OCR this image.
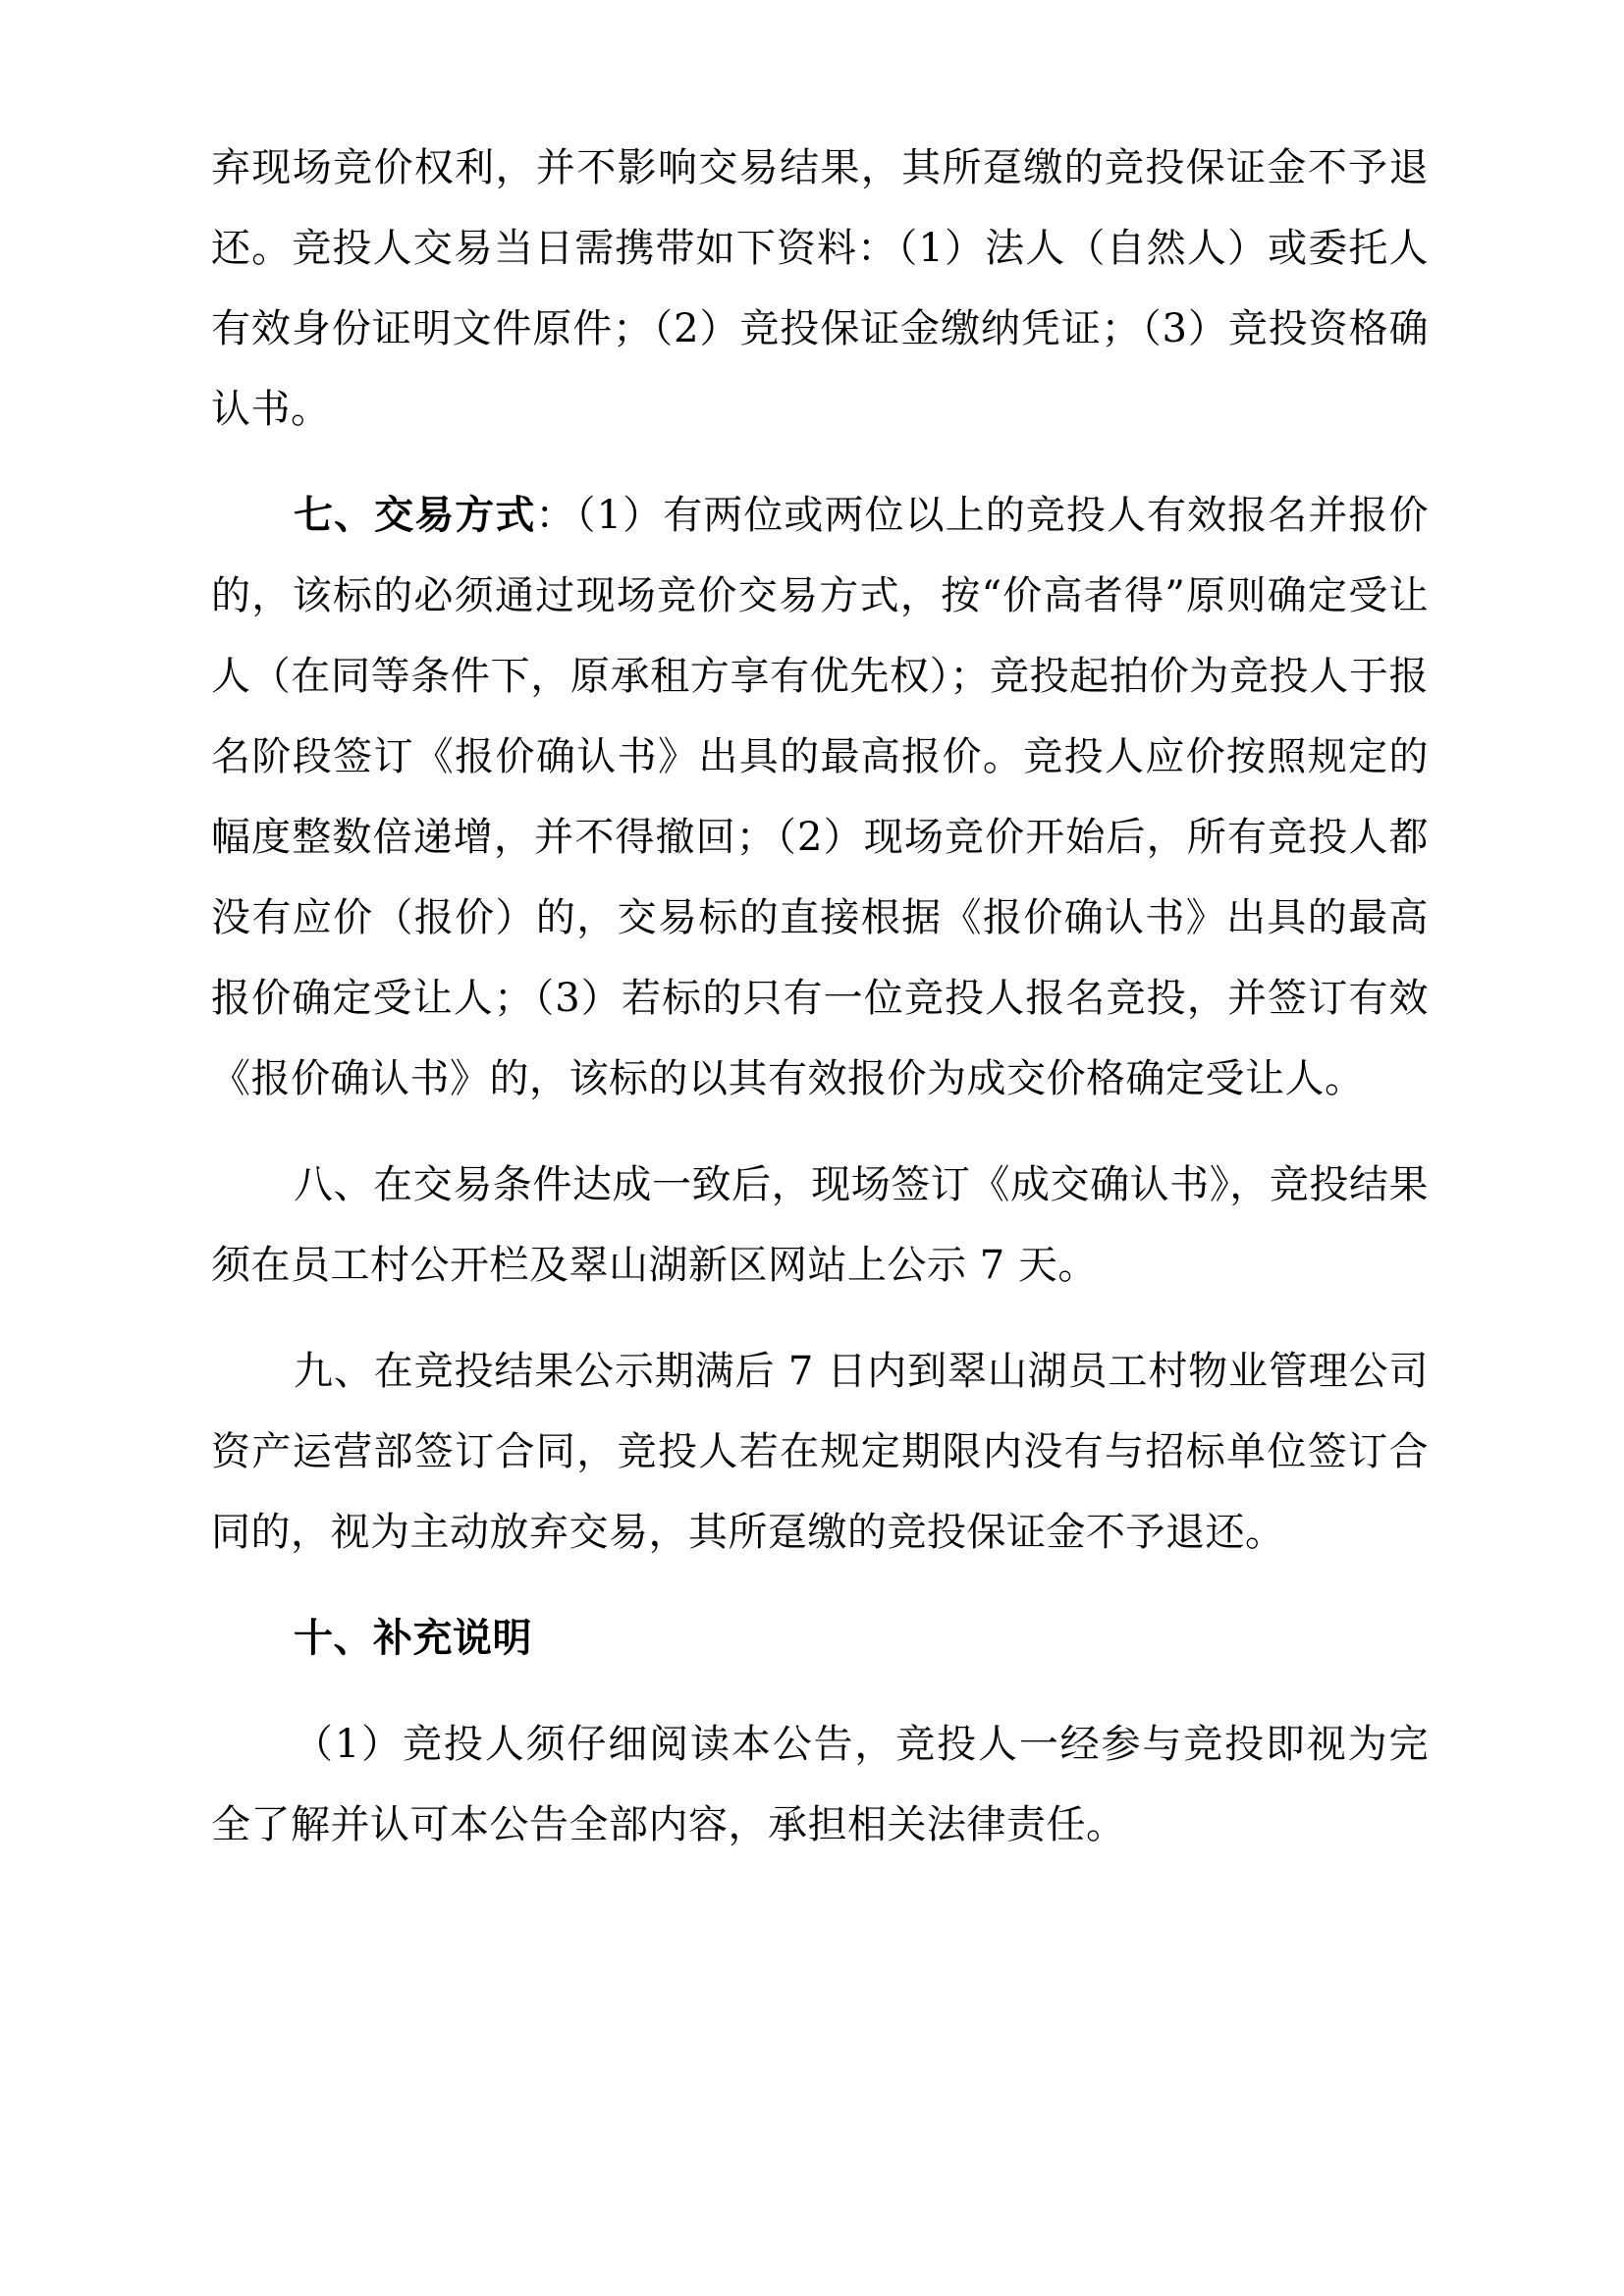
弃现场竞价权利，并不影响交易结果，其所趸缴的竞投保证金不予退还。竞投人交易当日需携带如下资料：（1）法人（自然人）或委托人有效身份证明文件原件；（2）竞投保证金缴纳凭证；（3）竞投资格确认书。

七、交易方式：（1）有两位或两位以上的竞投人有效报名并报价的，该标的必须通过现场竞价交易方式，按“价高者得”原则确定受让人（在同等条件下，原承租方享有优先权）；竞投起拍价为竞投人于报名阶段签订《报价确认书》出具的最高报价。竞投人应价按照规定的幅度整数倍递增，并不得撤回；（2）现场竞价开始后，所有竞投人都没有应价（报价）的，交易标的直接根据《报价确认书》出具的最高报价确定受让人；（3）若标的只有一位竞投人报名竞投，并签订有效《报价确认书》的，该标的以其有效报价为成交价格确定受让人。

八、在交易条件达成一致后，现场签订《成交确认书》，竞投结果须在员工村公开栏及翠山湖新区网站上公示 7 天。

九、在竞投结果公示期满后 7 日内到翠山湖员工村物业管理公司资产运营部签订合同，竞投人若在规定期限内没有与招标单位签订合同的，视为主动放弃交易，其所趸缴的竞投保证金不予退还。

十、补充说明

（1）竞投人须仔细阅读本公告，竞投人一经参与竞投即视为完全了解并认可本公告全部内容，承担相关法律责任。
